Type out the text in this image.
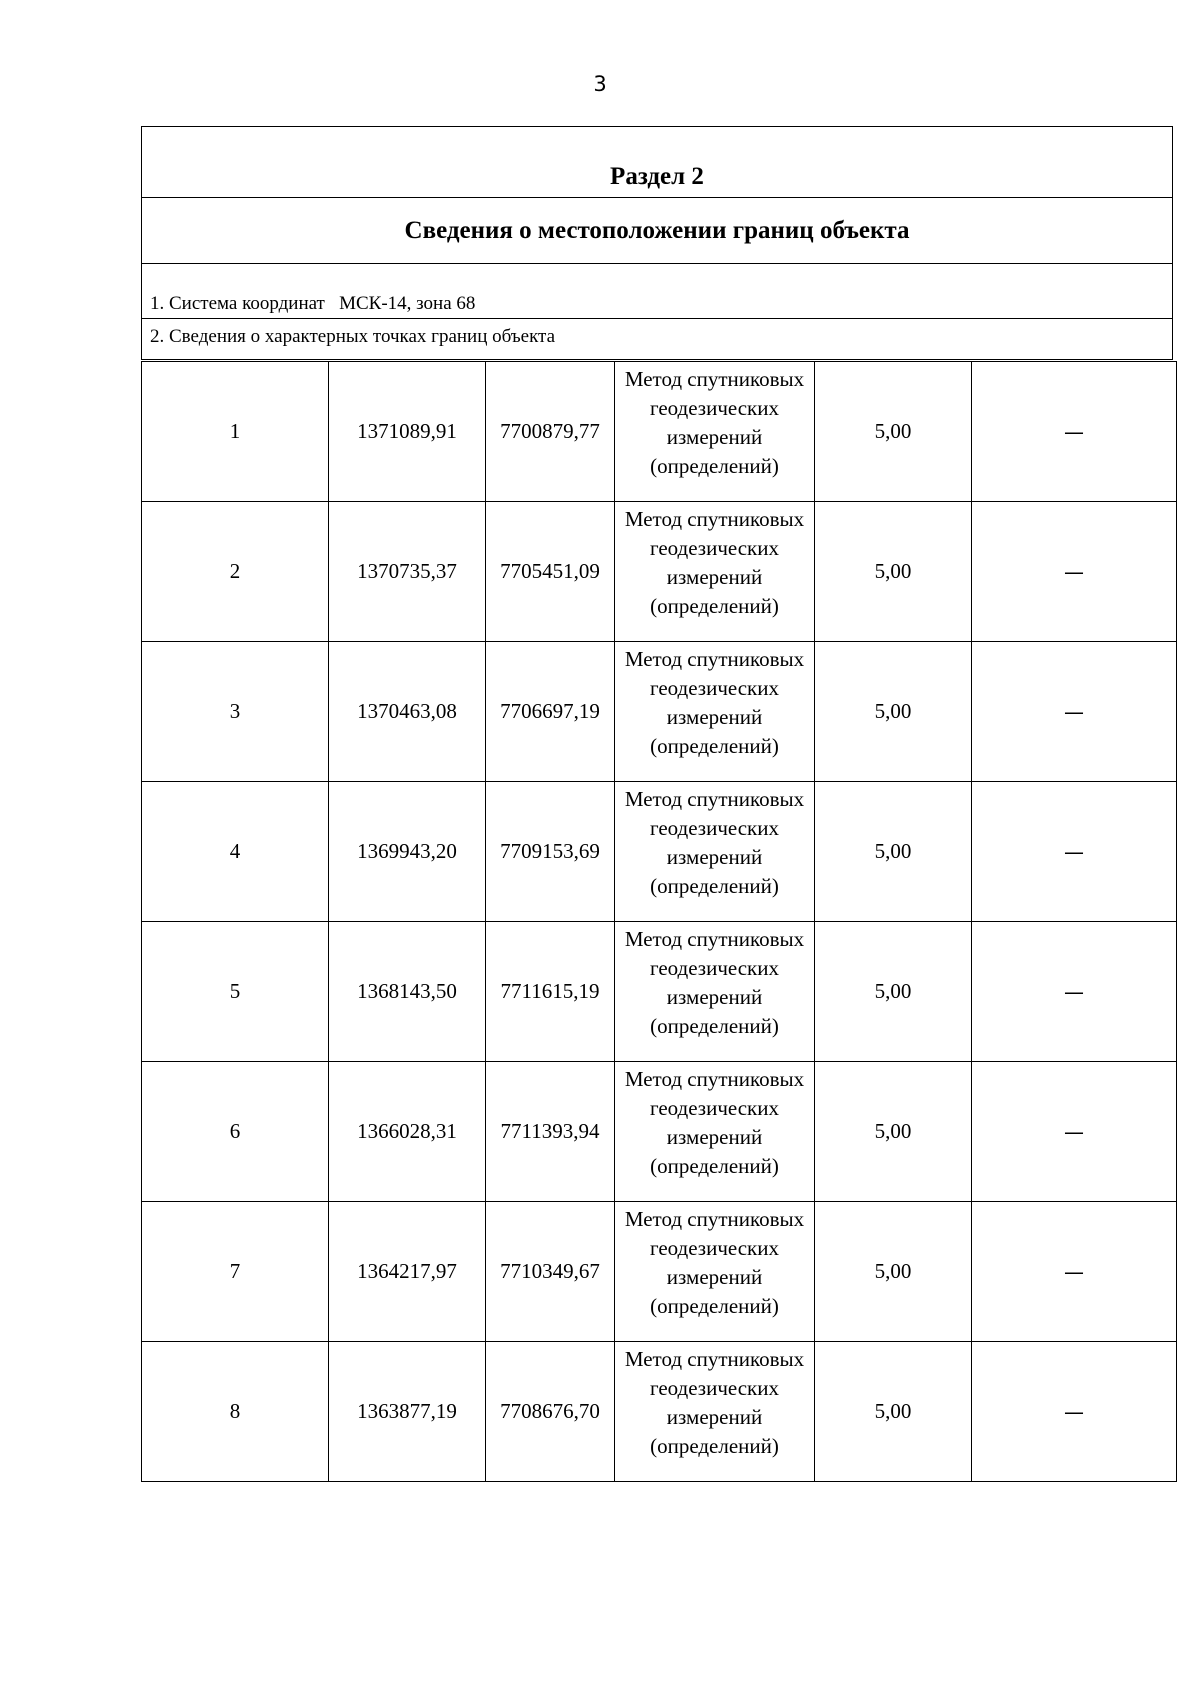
3
Раздел 2
Сведения о местоположении границ объекта
1. Система координат   МСК-14, зона 68
2. Сведения о характерных точках границ объекта
1	1371089,91	7700879,77	Метод спутниковых
геодезических
измерений
(определений)	5,00	—
2	1370735,37	7705451,09	Метод спутниковых
геодезических
измерений
(определений)	5,00	—
3	1370463,08	7706697,19	Метод спутниковых
геодезических
измерений
(определений)	5,00	—
4	1369943,20	7709153,69	Метод спутниковых
геодезических
измерений
(определений)	5,00	—
5	1368143,50	7711615,19	Метод спутниковых
геодезических
измерений
(определений)	5,00	—
6	1366028,31	7711393,94	Метод спутниковых
геодезических
измерений
(определений)	5,00	—
7	1364217,97	7710349,67	Метод спутниковых
геодезических
измерений
(определений)	5,00	—
8	1363877,19	7708676,70	Метод спутниковых
геодезических
измерений
(определений)	5,00	—
